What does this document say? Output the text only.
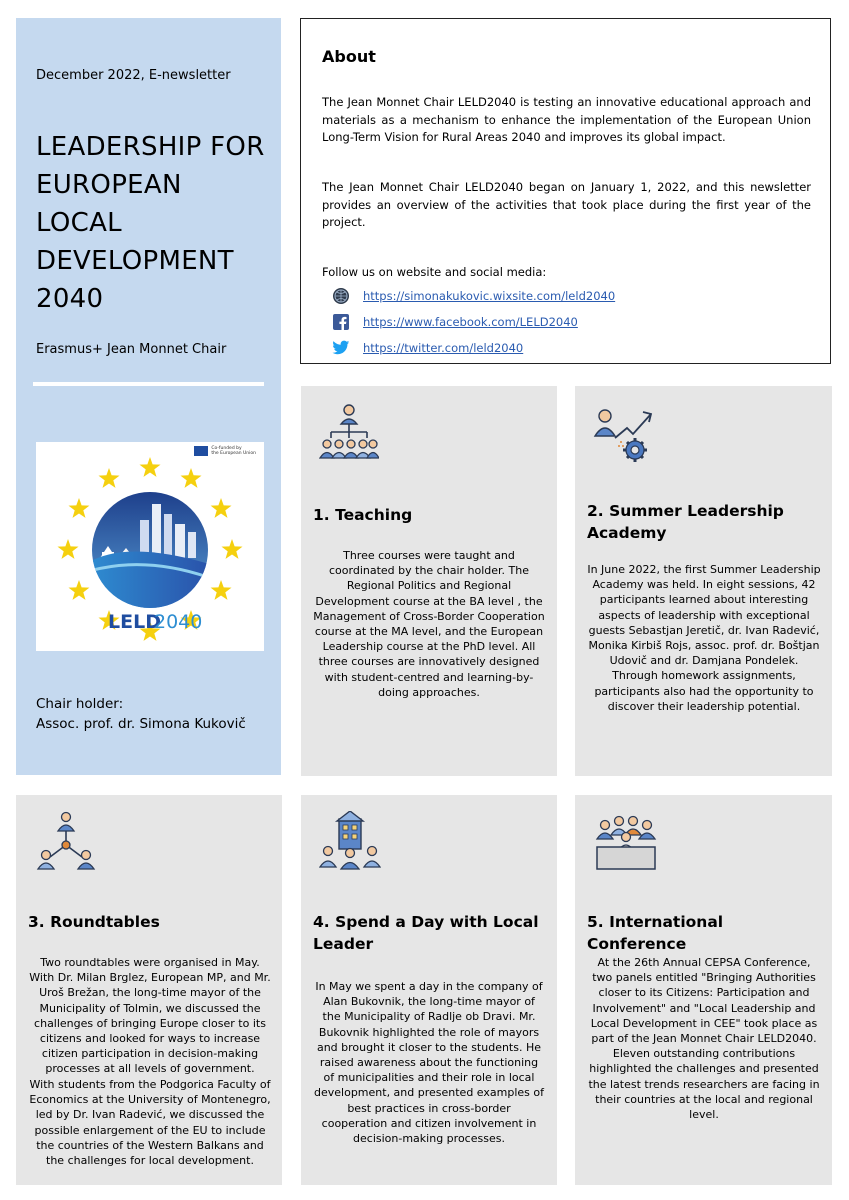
December 2022, E-newsletter
LEADERSHIP FOR EUROPEAN LOCAL DEVELOPMENT 2040
Erasmus+ Jean Monnet Chair
Co-funded by
the European Union
LELD
2040
Chair holder:
Assoc. prof. dr. Simona Kukovič
About

The Jean Monnet Chair LELD2040 is testing an innovative educational approach and materials as a mechanism to enhance the implementation of the European Union Long-Term Vision for Rural Areas 2040 and improves its global impact.

The Jean Monnet Chair LELD2040 began on January 1, 2022, and this newsletter provides an overview of the activities that took place during the first year of the project.

Follow us on website and social media:
https://simonakukovic.wixsite.com/leld2040
https://www.facebook.com/LELD2040
https://twitter.com/leld2040
1. Teaching

Three courses were taught and coordinated by the chair holder. The Regional Politics and Regional Development course at the BA level , the Management of Cross-Border Cooperation course at the MA level, and the European Leadership course at the PhD level. All three courses are innovatively designed with student-centred and learning-by-doing approaches.

2. Summer Leadership Academy

In June 2022, the first Summer Leadership Academy was held. In eight sessions, 42 participants learned about interesting aspects of leadership with exceptional guests Sebastjan Jeretič, dr. Ivan Radević, Monika Kirbiš Rojs, assoc. prof. dr. Boštjan Udovič and dr. Damjana Pondelek. Through homework assignments, participants also had the opportunity to discover their leadership potential.

3. Roundtables

Two roundtables were organised in May. With Dr. Milan Brglez, European MP, and Mr. Uroš Brežan, the long-time mayor of the Municipality of Tolmin, we discussed the challenges of bringing Europe closer to its citizens and looked for ways to increase citizen participation in decision-making processes at all levels of government.

With students from the Podgorica Faculty of Economics at the University of Montenegro, led by Dr. Ivan Radević, we discussed the possible enlargement of the EU to include the countries of the Western Balkans and the challenges for local development.

4. Spend a Day with Local Leader

In May we spent a day in the company of Alan Bukovnik, the long-time mayor of the Municipality of Radlje ob Dravi. Mr. Bukovnik highlighted the role of mayors and brought it closer to the students. He raised awareness about the functioning of municipalities and their role in local development, and presented examples of best practices in cross-border cooperation and citizen involvement in decision-making processes.

5. International Conference

At the 26th Annual CEPSA Conference, two panels entitled "Bringing Authorities closer to its Citizens: Participation and Involvement" and "Local Leadership and Local Development in CEE" took place as part of the Jean Monnet Chair LELD2040. Eleven outstanding contributions highlighted the challenges and presented the latest trends researchers are facing in their countries at the local and regional level.
